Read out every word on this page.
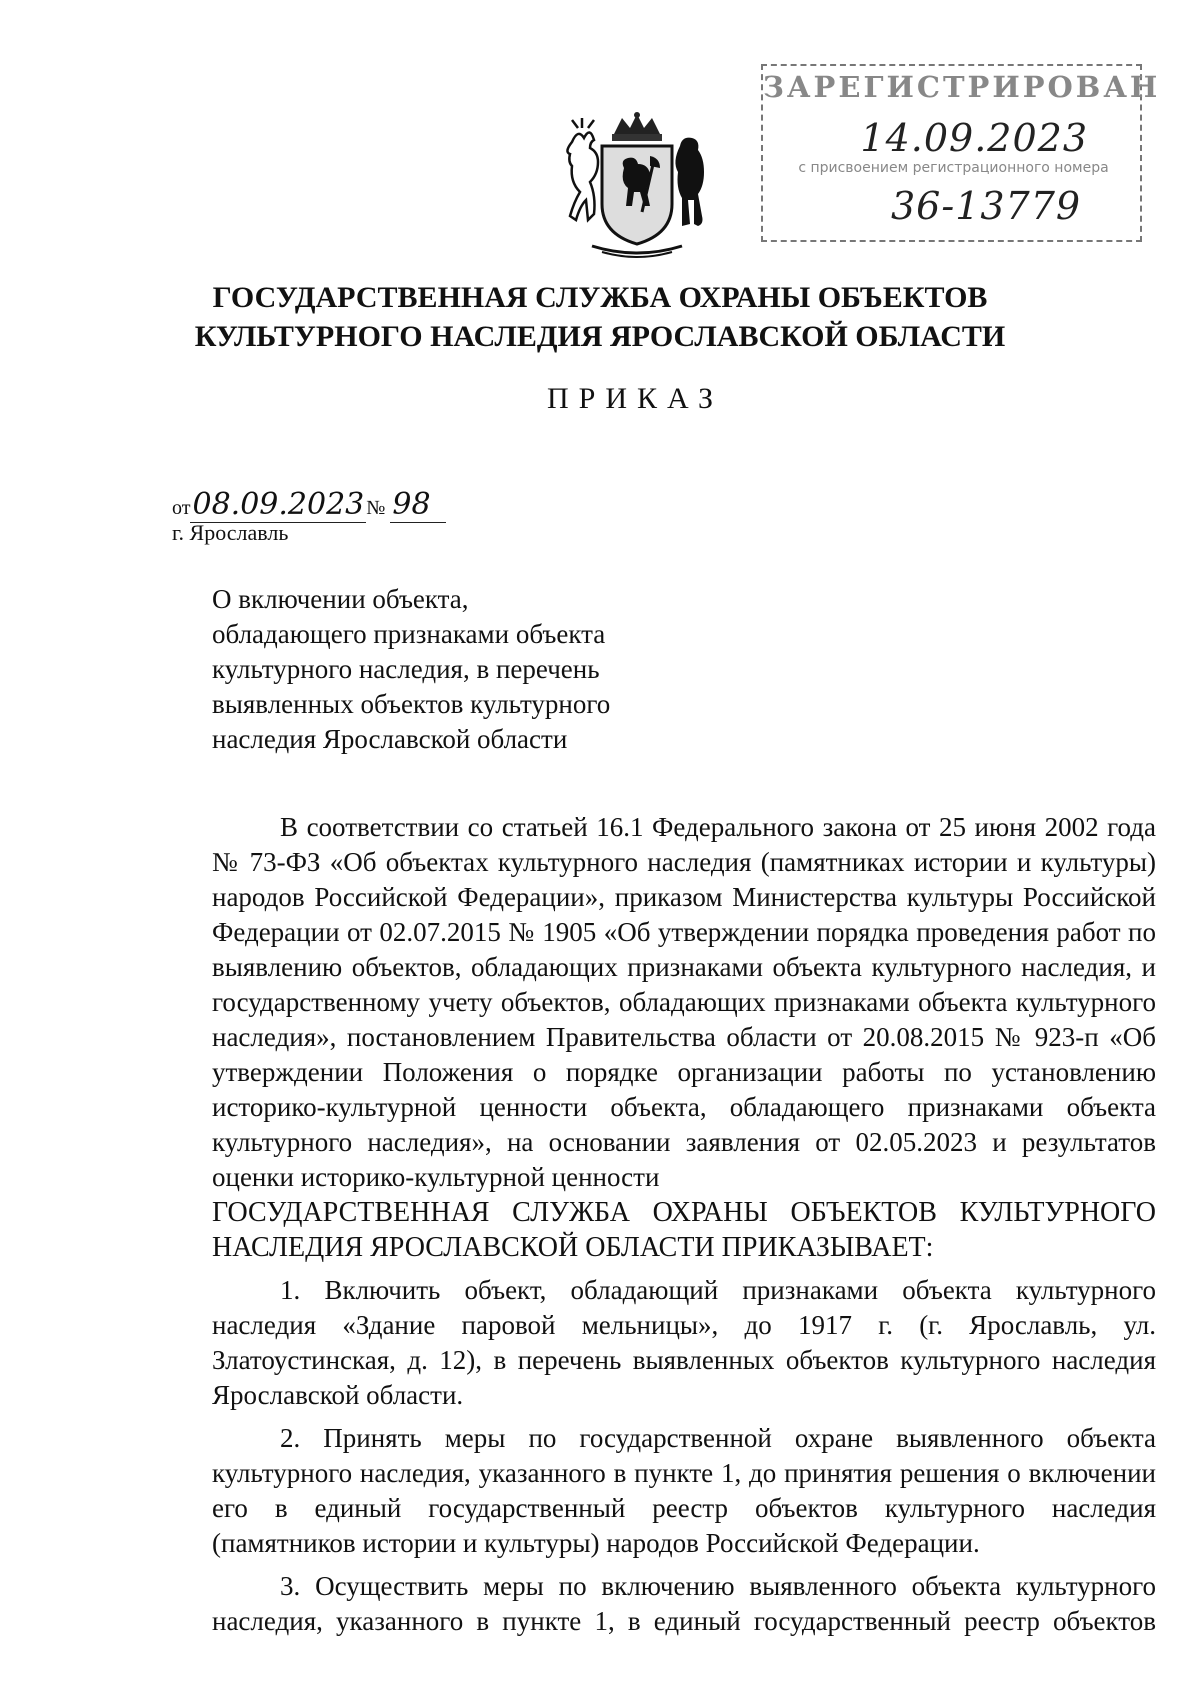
ЗАРЕГИСТРИРОВАН
14.09.2023
с присвоением регистрационного номера
36-13779
ГОСУДАРСТВЕННАЯ СЛУЖБА ОХРАНЫ ОБЪЕКТОВ
КУЛЬТУРНОГО НАСЛЕДИЯ ЯРОСЛАВСКОЙ ОБЛАСТИ
ПРИКАЗ
от08.09.2023 № 98
г. Ярославль
О включении объекта,
обладающего признаками объекта
культурного наследия, в перечень
выявленных объектов культурного
наследия Ярославской области

В соответствии со статьей 16.1 Федерального закона от 25 июня 2002 года № 73-ФЗ «Об объектах культурного наследия (памятниках истории и культуры) народов Российской Федерации», приказом Министерства культуры Российской Федерации от 02.07.2015 № 1905 «Об утверждении порядка проведения работ по выявлению объектов, обладающих признаками объекта культурного наследия, и государственному учету объектов, обладающих признаками объекта культурного наследия», постановлением Правительства области от 20.08.2015 № 923-п «Об утверждении Положения о порядке организации работы по установлению историко-культурной ценности объекта, обладающего признаками объекта культурного наследия», на основании заявления от 02.05.2023 и результатов оценки историко-культурной ценности

ГОСУДАРСТВЕННАЯ СЛУЖБА ОХРАНЫ ОБЪЕКТОВ КУЛЬТУРНОГО НАСЛЕДИЯ ЯРОСЛАВСКОЙ ОБЛАСТИ ПРИКАЗЫВАЕТ:

1. Включить объект, обладающий признаками объекта культурного наследия «Здание паровой мельницы», до 1917 г. (г. Ярославль, ул. Златоустинская, д. 12), в перечень выявленных объектов культурного наследия Ярославской области.

2. Принять меры по государственной охране выявленного объекта культурного наследия, указанного в пункте 1, до принятия решения о включении его в единый государственный реестр объектов культурного наследия (памятников истории и культуры) народов Российской Федерации.

3. Осуществить меры по включению выявленного объекта культурного наследия, указанного в пункте 1, в единый государственный реестр объектов
